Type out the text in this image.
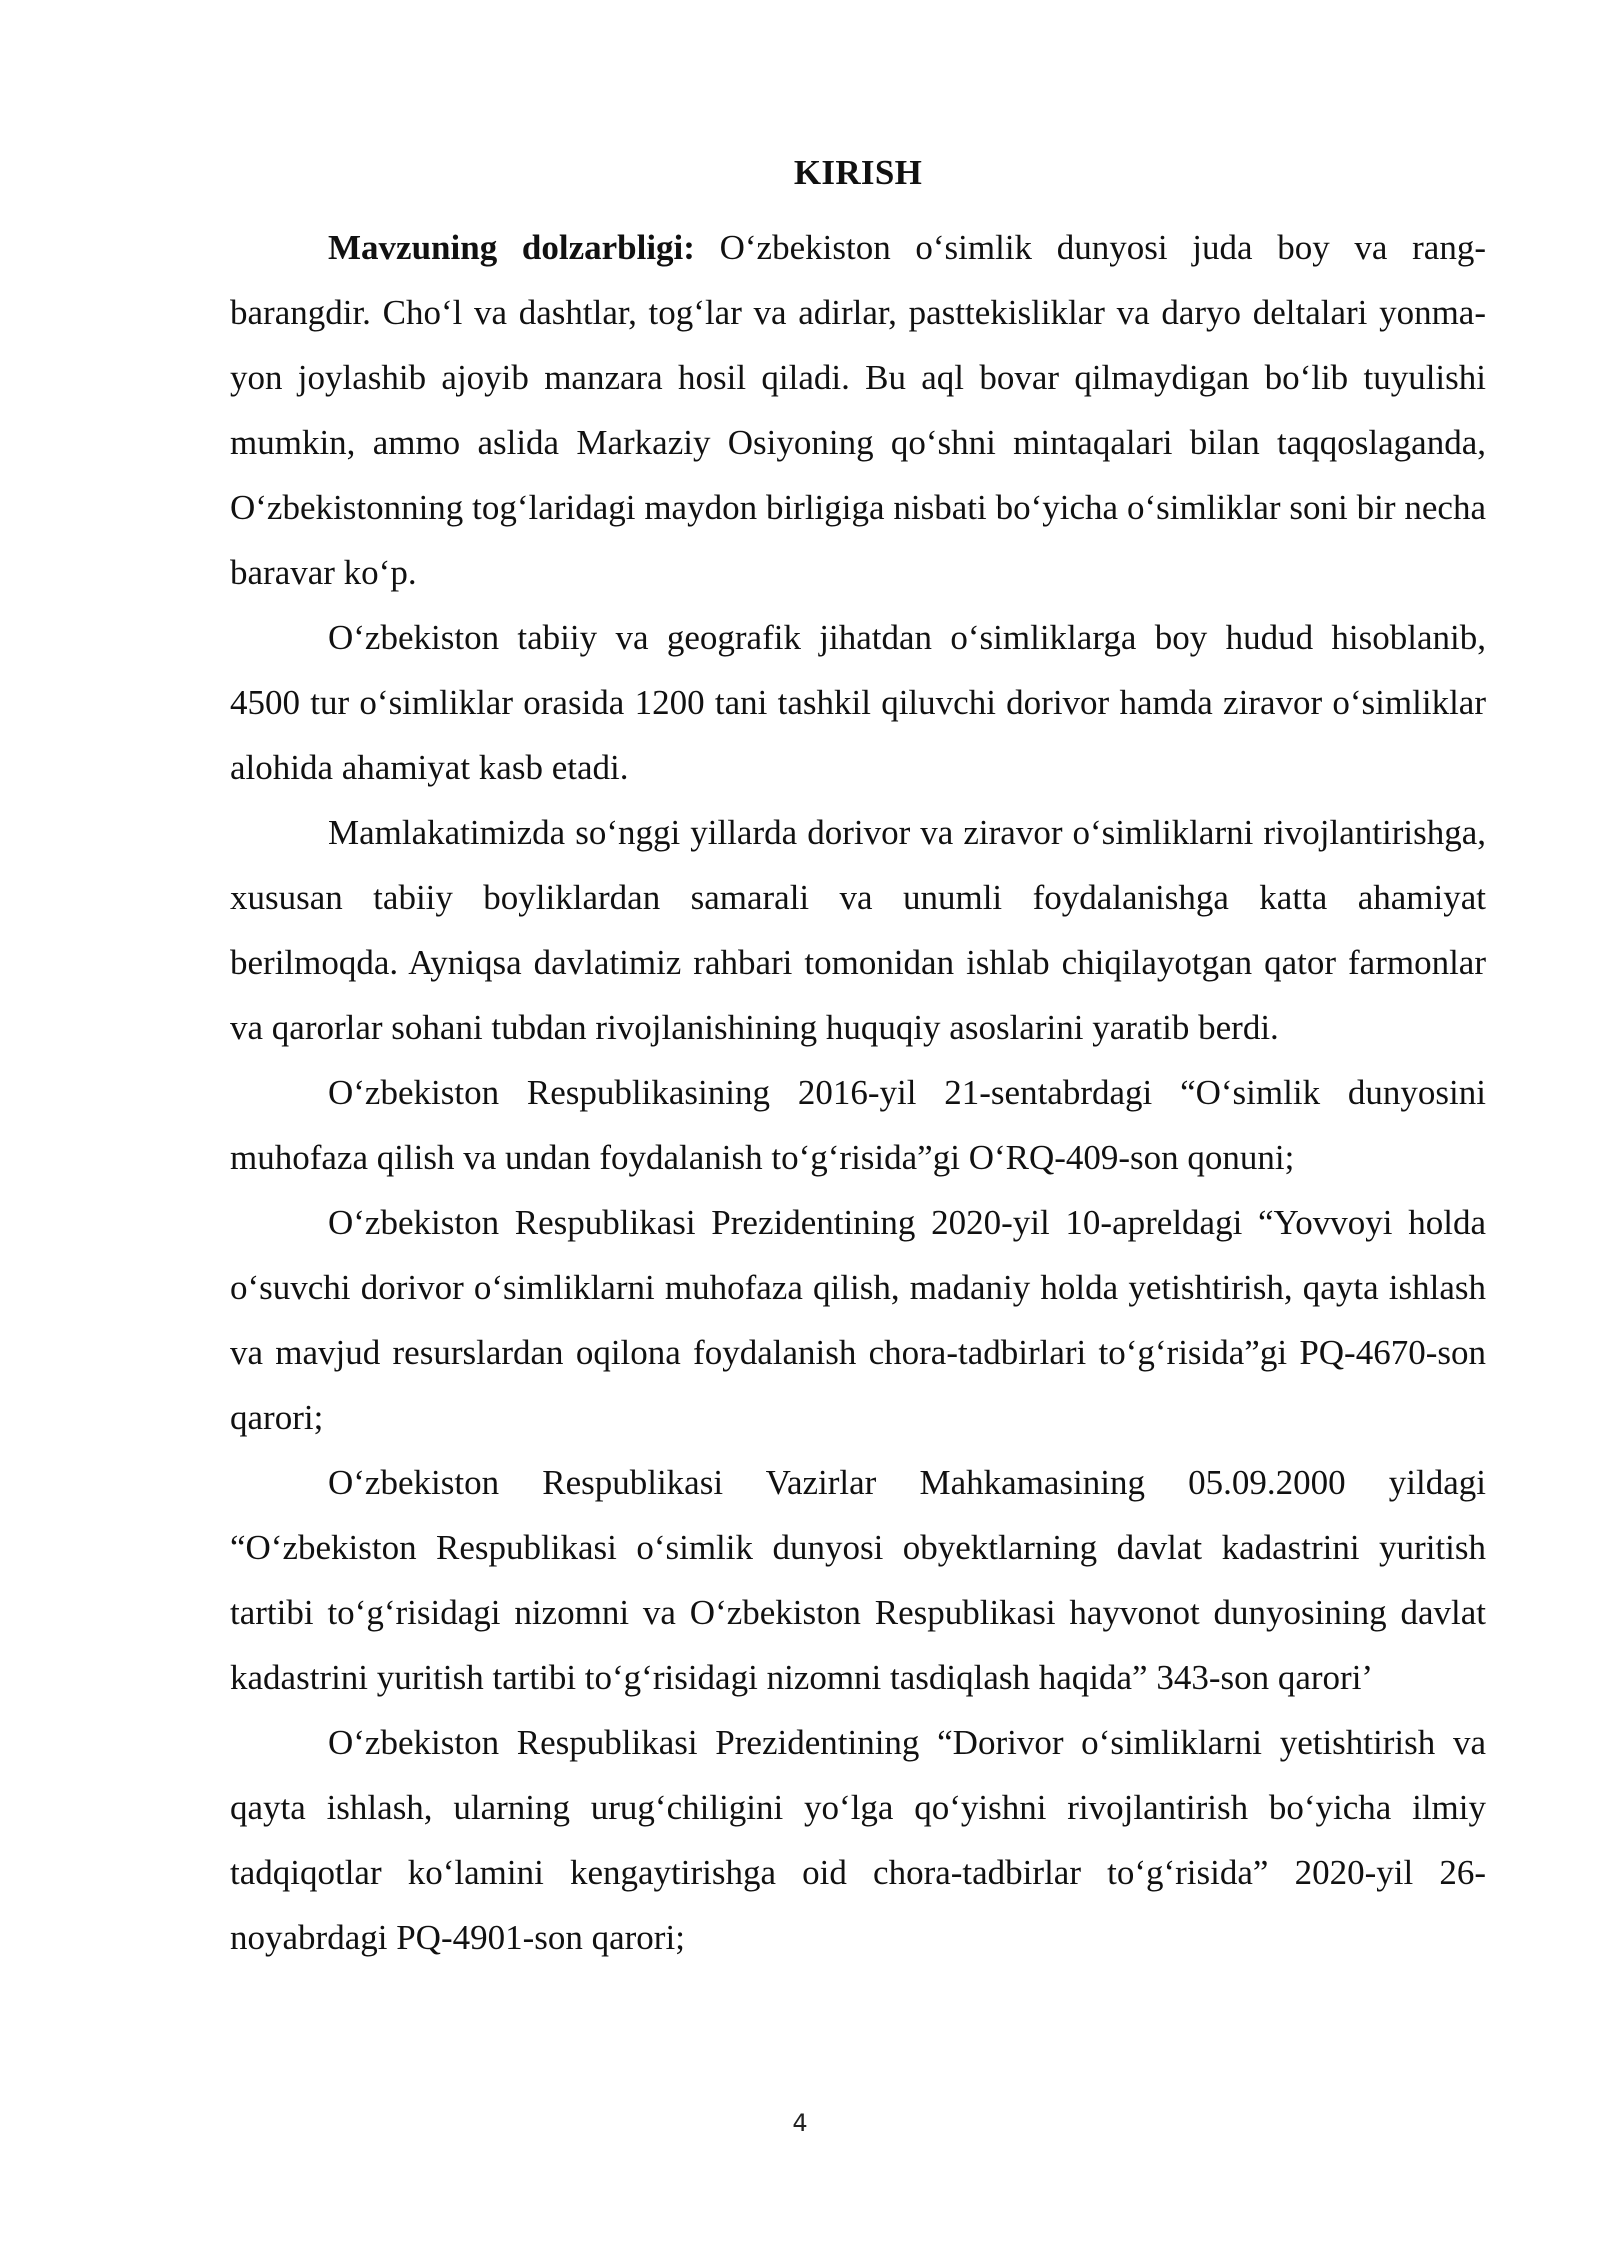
KIRISH

Mavzuning dolzarbligi: O‘zbekiston o‘simlik dunyosi juda boy va rang-barangdir. Cho‘l va dashtlar, tog‘lar va adirlar, pasttekisliklar va daryo deltalari yonma-yon joylashib ajoyib manzara hosil qiladi. Bu aql bovar qilmaydigan bo‘lib tuyulishi mumkin, ammo aslida Markaziy Osiyoning qo‘shni mintaqalari bilan taqqoslaganda, O‘zbekistonning tog‘laridagi maydon birligiga nisbati bo‘yicha o‘simliklar soni bir necha baravar ko‘p.

O‘zbekiston tabiiy va geografik jihatdan o‘simliklarga boy hudud hisoblanib, 4500 tur o‘simliklar orasida 1200 tani tashkil qiluvchi dorivor hamda ziravor o‘simliklar alohida ahamiyat kasb etadi.

Mamlakatimizda so‘nggi yillarda dorivor va ziravor o‘simliklarni rivojlantirishga, xususan tabiiy boyliklardan samarali va unumli foydalanishga katta ahamiyat berilmoqda. Ayniqsa davlatimiz rahbari tomonidan ishlab chiqilayotgan qator farmonlar va qarorlar sohani tubdan rivojlanishining huquqiy asoslarini yaratib berdi.

O‘zbekiston Respublikasining 2016-yil 21-sentabrdagi “O‘simlik dunyosini muhofaza qilish va undan foydalanish to‘g‘risida”gi O‘RQ-409-son qonuni;

O‘zbekiston Respublikasi Prezidentining 2020-yil 10-apreldagi “Yovvoyi holda o‘suvchi dorivor o‘simliklarni muhofaza qilish, madaniy holda yetishtirish, qayta ishlash va mavjud resurslardan oqilona foydalanish chora-tadbirlari to‘g‘risida”gi PQ-4670-son qarori;

O‘zbekiston Respublikasi Vazirlar Mahkamasining 05.09.2000 yildagi “O‘zbekiston Respublikasi o‘simlik dunyosi obyektlarning davlat kadastrini yuritish tartibi to‘g‘risidagi nizomni va O‘zbekiston Respublikasi hayvonot dunyosining davlat kadastrini yuritish tartibi to‘g‘risidagi nizomni tasdiqlash haqida” 343-son qarori’

O‘zbekiston Respublikasi Prezidentining “Dorivor o‘simliklarni yetishtirish va qayta ishlash, ularning urug‘chiligini yo‘lga qo‘yishni rivojlantirish bo‘yicha ilmiy tadqiqotlar ko‘lamini kengaytirishga oid chora-tadbirlar to‘g‘risida” 2020-yil 26-noyabrdagi PQ-4901-son qarori;

4
